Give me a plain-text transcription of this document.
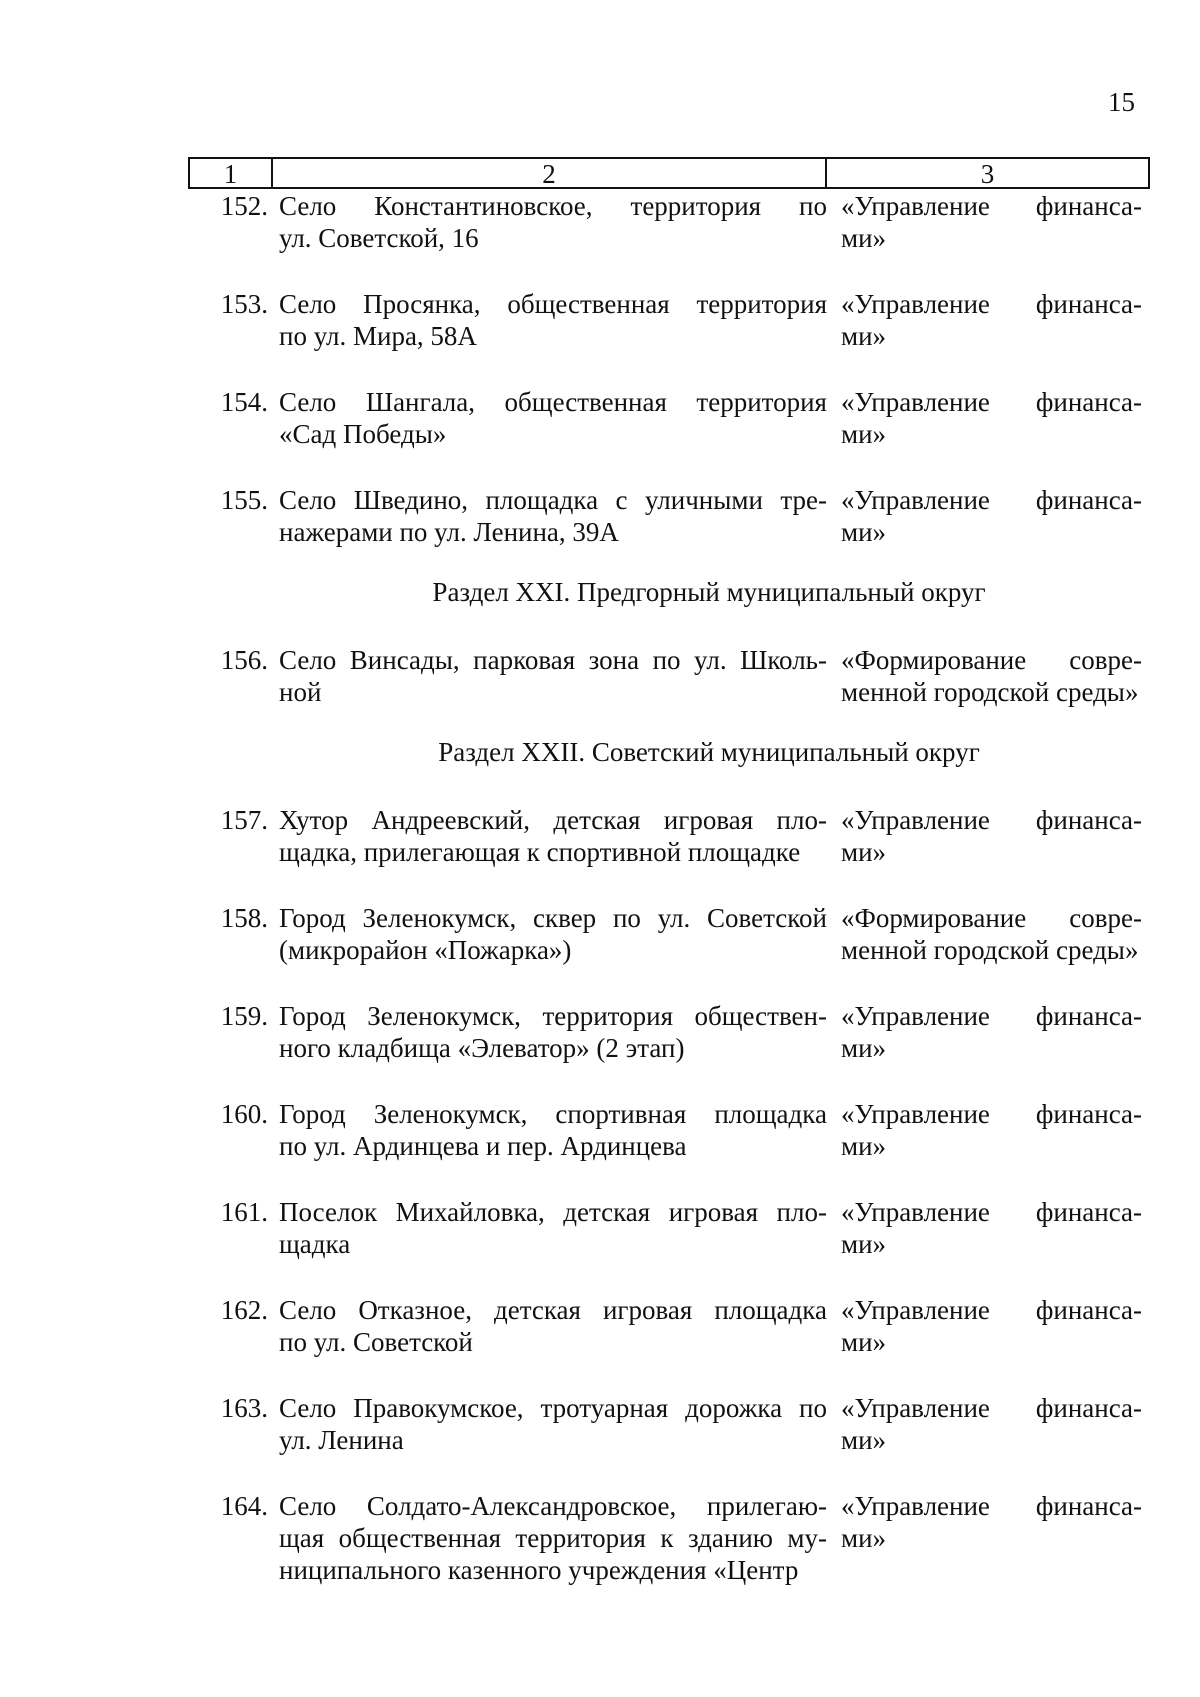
15
1	2	3
152. Село Константиновское, территория по
ул. Советской, 16
«Управление финанса-
ми»
153. Село Просянка, общественная территория
по ул. Мира, 58А
«Управление финанса-
ми»
154. Село Шангала, общественная территория
«Сад Победы»
«Управление финанса-
ми»
155. Село Шведино, площадка с уличными тре-
нажерами по ул. Ленина, 39А
«Управление финанса-
ми»
Раздел XXI. Предгорный муниципальный округ
156. Село Винсады, парковая зона по ул. Школь-
ной
«Формирование совре-
менной городской среды»
Раздел XXII. Советский муниципальный округ
157. Хутор Андреевский, детская игровая пло-
щадка, прилегающая к спортивной площадке
«Управление финанса-
ми»
158. Город Зеленокумск, сквер по ул. Советской
(микрорайон «Пожарка»)
«Формирование совре-
менной городской среды»
159. Город Зеленокумск, территория обществен-
ного кладбища «Элеватор» (2 этап)
«Управление финанса-
ми»
160. Город Зеленокумск, спортивная площадка
по ул. Ардинцева и пер. Ардинцева
«Управление финанса-
ми»
161. Поселок Михайловка, детская игровая пло-
щадка
«Управление финанса-
ми»
162. Село Отказное, детская игровая площадка
по ул. Советской
«Управление финанса-
ми»
163. Село Правокумское, тротуарная дорожка по
ул. Ленина
«Управление финанса-
ми»
164. Село Солдато-Александровское, прилегаю-
щая общественная территория к зданию му-
ниципального казенного учреждения «Центр
«Управление финанса-
ми»
